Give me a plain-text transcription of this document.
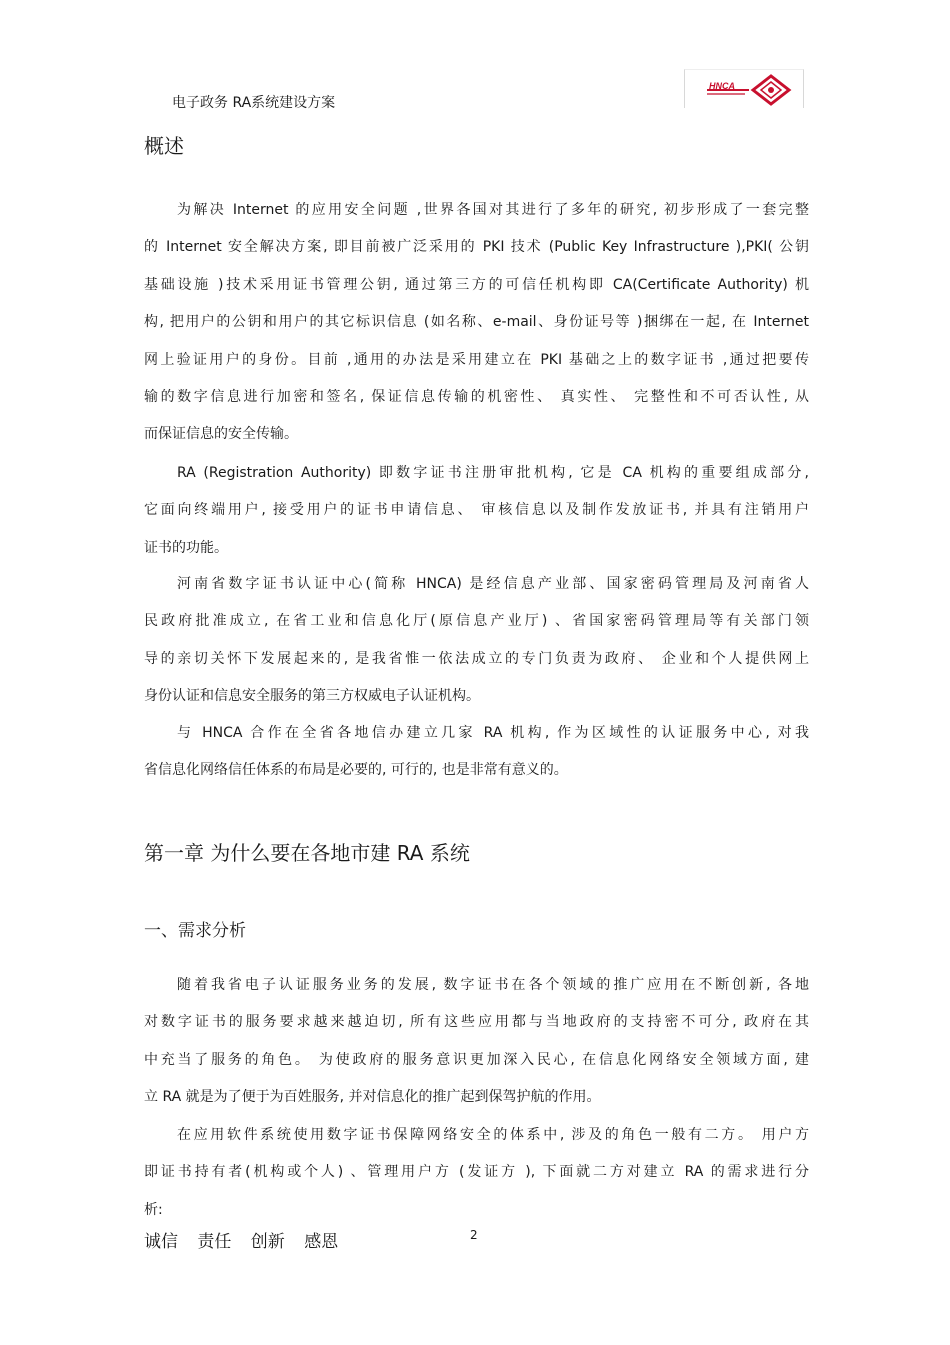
电子政务 RA系统建设方案
HNCA
概述
为解决 Internet 的应用安全问题 ,世界各国对其进行了多年的研究, 初步形成了一套完整
的 Internet 安全解决方案, 即目前被广泛采用的 PKI 技术 (Public Key Infrastructure ),PKI( 公钥
基础设施 )技术采用证书管理公钥, 通过第三方的可信任机构即 CA(Certificate Authority) 机
构, 把用户的公钥和用户的其它标识信息 (如名称、e-mail、身份证号等 )捆绑在一起, 在 Internet
网上验证用户的身份。目前 ,通用的办法是采用建立在 PKI 基础之上的数字证书 ,通过把要传
输的数字信息进行加密和签名, 保证信息传输的机密性、 真实性、 完整性和不可否认性, 从
而保证信息的安全传输。
RA (Registration Authority) 即数字证书注册审批机构, 它是 CA 机构的重要组成部分,
它面向终端用户, 接受用户的证书申请信息、 审核信息以及制作发放证书, 并具有注销用户
证书的功能。
河南省数字证书认证中心(简称 HNCA) 是经信息产业部、国家密码管理局及河南省人
民政府批准成立, 在省工业和信息化厅(原信息产业厅) 、省国家密码管理局等有关部门领
导的亲切关怀下发展起来的, 是我省惟一依法成立的专门负责为政府、 企业和个人提供网上
身份认证和信息安全服务的第三方权威电子认证机构。
与 HNCA 合作在全省各地信办建立几家 RA 机构, 作为区域性的认证服务中心, 对我
省信息化网络信任体系的布局是必要的, 可行的, 也是非常有意义的。
第一章 为什么要在各地市建 RA 系统
一、需求分析
随着我省电子认证服务业务的发展, 数字证书在各个领域的推广应用在不断创新, 各地
对数字证书的服务要求越来越迫切, 所有这些应用都与当地政府的支持密不可分, 政府在其
中充当了服务的角色。 为使政府的服务意识更加深入民心, 在信息化网络安全领域方面, 建
立 RA 就是为了便于为百姓服务, 并对信息化的推广起到保驾护航的作用。
在应用软件系统使用数字证书保障网络安全的体系中, 涉及的角色一般有二方。 用户方
即证书持有者(机构或个人) 、管理用户方 (发证方 ), 下面就二方对建立 RA 的需求进行分
析:
诚信 责任 创新 感恩	2
